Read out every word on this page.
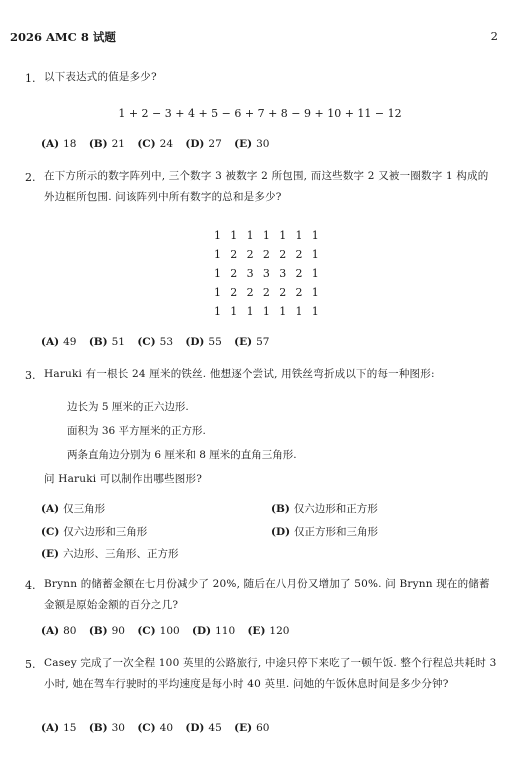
2026 AMC 8 试题	2
1. 以下表达式的值是多少?
1 + 2 − 3 + 4 + 5 − 6 + 7 + 8 − 9 + 10 + 11 − 12
(A) 18 (B) 21 (C) 24 (D) 27 (E) 30
2. 在下方所示的数字阵列中, 三个数字 3 被数字 2 所包围, 而这些数字 2 又被一圈数字 1 构成的外边框所包围. 问该阵列中所有数字的总和是多少?
1 1 1 1 1 1 1
1 2 2 2 2 2 1
1 2 3 3 3 2 1
1 2 2 2 2 2 1
1 1 1 1 1 1 1
(A) 49 (B) 51 (C) 53 (D) 55 (E) 57
3. Haruki 有一根长 24 厘米的铁丝. 他想逐个尝试, 用铁丝弯折成以下的每一种图形:
边长为 5 厘米的正六边形.
面积为 36 平方厘米的正方形.
两条直角边分别为 6 厘米和 8 厘米的直角三角形.
问 Haruki 可以制作出哪些图形?
(A) 仅三角形	(B) 仅六边形和正方形
(C) 仅六边形和三角形	(D) 仅正方形和三角形
(E) 六边形、三角形、正方形
4. Brynn 的储蓄金额在七月份减少了 20%, 随后在八月份又增加了 50%. 问 Brynn 现在的储蓄金额是原始金额的百分之几?
(A) 80 (B) 90 (C) 100 (D) 110 (E) 120
5. Casey 完成了一次全程 100 英里的公路旅行, 中途只停下来吃了一顿午饭. 整个行程总共耗时 3 小时, 她在驾车行驶时的平均速度是每小时 40 英里. 问她的午饭休息时间是多少分钟?
(A) 15 (B) 30 (C) 40 (D) 45 (E) 60
